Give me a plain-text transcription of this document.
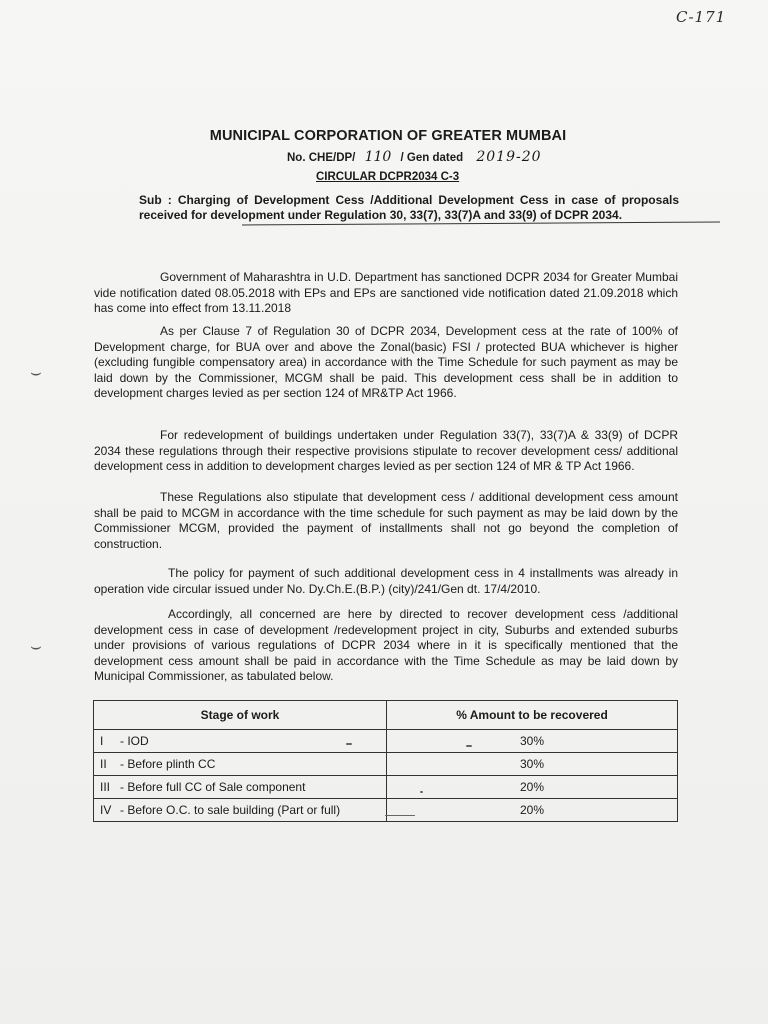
C-171
MUNICIPAL CORPORATION OF GREATER MUMBAI
No. CHE/DP/ 110 / Gen dated 2019-20
CIRCULAR DCPR2034 C-3
Sub : Charging of Development Cess /Additional Development Cess in case of proposals received for development under Regulation 30, 33(7), 33(7)A and 33(9) of DCPR 2034.
Government of Maharashtra in U.D. Department has sanctioned DCPR 2034 for Greater Mumbai vide notification dated 08.05.2018 with EPs and EPs are sanctioned vide notification dated 21.09.2018 which has come into effect from 13.11.2018
As per Clause 7 of Regulation 30 of DCPR 2034, Development cess at the rate of 100% of Development charge, for BUA over and above the Zonal(basic) FSI / protected BUA whichever is higher (excluding fungible compensatory area) in accordance with the Time Schedule for such payment as may be laid down by the Commissioner, MCGM shall be paid. This development cess shall be in addition to development charges levied as per section 124 of MR&TP Act 1966.
For redevelopment of buildings undertaken under Regulation 33(7), 33(7)A & 33(9) of DCPR 2034 these regulations through their respective provisions stipulate to recover development cess/ additional development cess in addition to development charges levied as per section 124 of MR & TP Act 1966.
These Regulations also stipulate that development cess / additional development cess amount shall be paid to MCGM in accordance with the time schedule for such payment as may be laid down by the Commissioner MCGM, provided the payment of installments shall not go beyond the completion of construction.
The policy for payment of such additional development cess in 4 installments was already in operation vide circular issued under No. Dy.Ch.E.(B.P.) (city)/241/Gen dt. 17/4/2010.
Accordingly, all concerned are here by directed to recover development cess /additional development cess in case of development /redevelopment project in city, Suburbs and extended suburbs under provisions of various regulations of DCPR 2034 where in it is specifically mentioned that the development cess amount shall be paid in accordance with the Time Schedule as may be laid down by Municipal Commissioner, as tabulated below.
⌣
⌣
Stage of work	% Amount to be recovered
I - IOD	30%
II - Before plinth CC	30%
III - Before full CC of Sale component	20%
IV - Before O.C. to sale building (Part or full)	20%
